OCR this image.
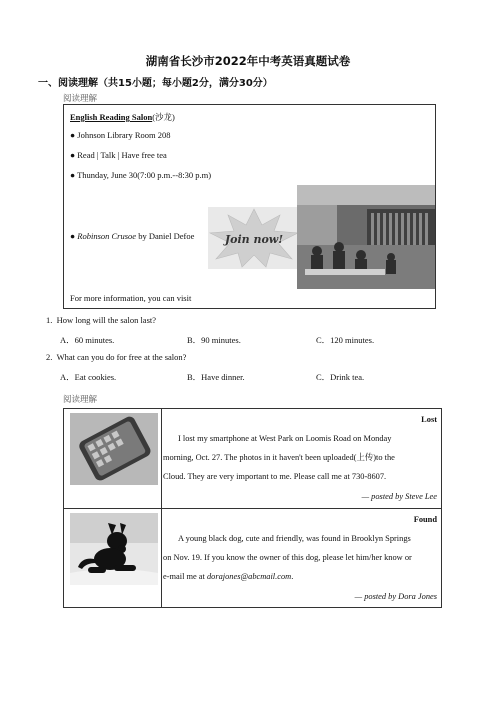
湖南省长沙市2022年中考英语真题试卷
一、阅读理解（共15小题；每小题2分，满分30分）
阅读理解
English Reading Salon(沙龙)
● Johnson Library Room 208
● Read | Talk | Have free tea
● Thunday, June 30(7:00 p.m.--8:30 p.m)
● Robinson Crusoe by Daniel Defoe	Join now!
For more information, you can visit
1. How long will the salon last?
A．60 minutes.	B．90 minutes.	C．120 minutes.
2. What can you do for free at the salon?
A．Eat cookies.	B．Have dinner.	C．Drink tea.
阅读理解
Lost
I lost my smartphone at West Park on Loomis Road on Monday
morning, Oct. 27. The photos in it haven't been uploaded(上传)to the
Cloud. They are very important to me. Please call me at 730-8607.
— posted by Steve Lee
Found
A young black dog, cute and friendly, was found in Brooklyn Springs
on Nov. 19. If you know the owner of this dog, please let him/her know or
e-mail me at dorajones@abcmail.com.
— posted by Dora Jones
